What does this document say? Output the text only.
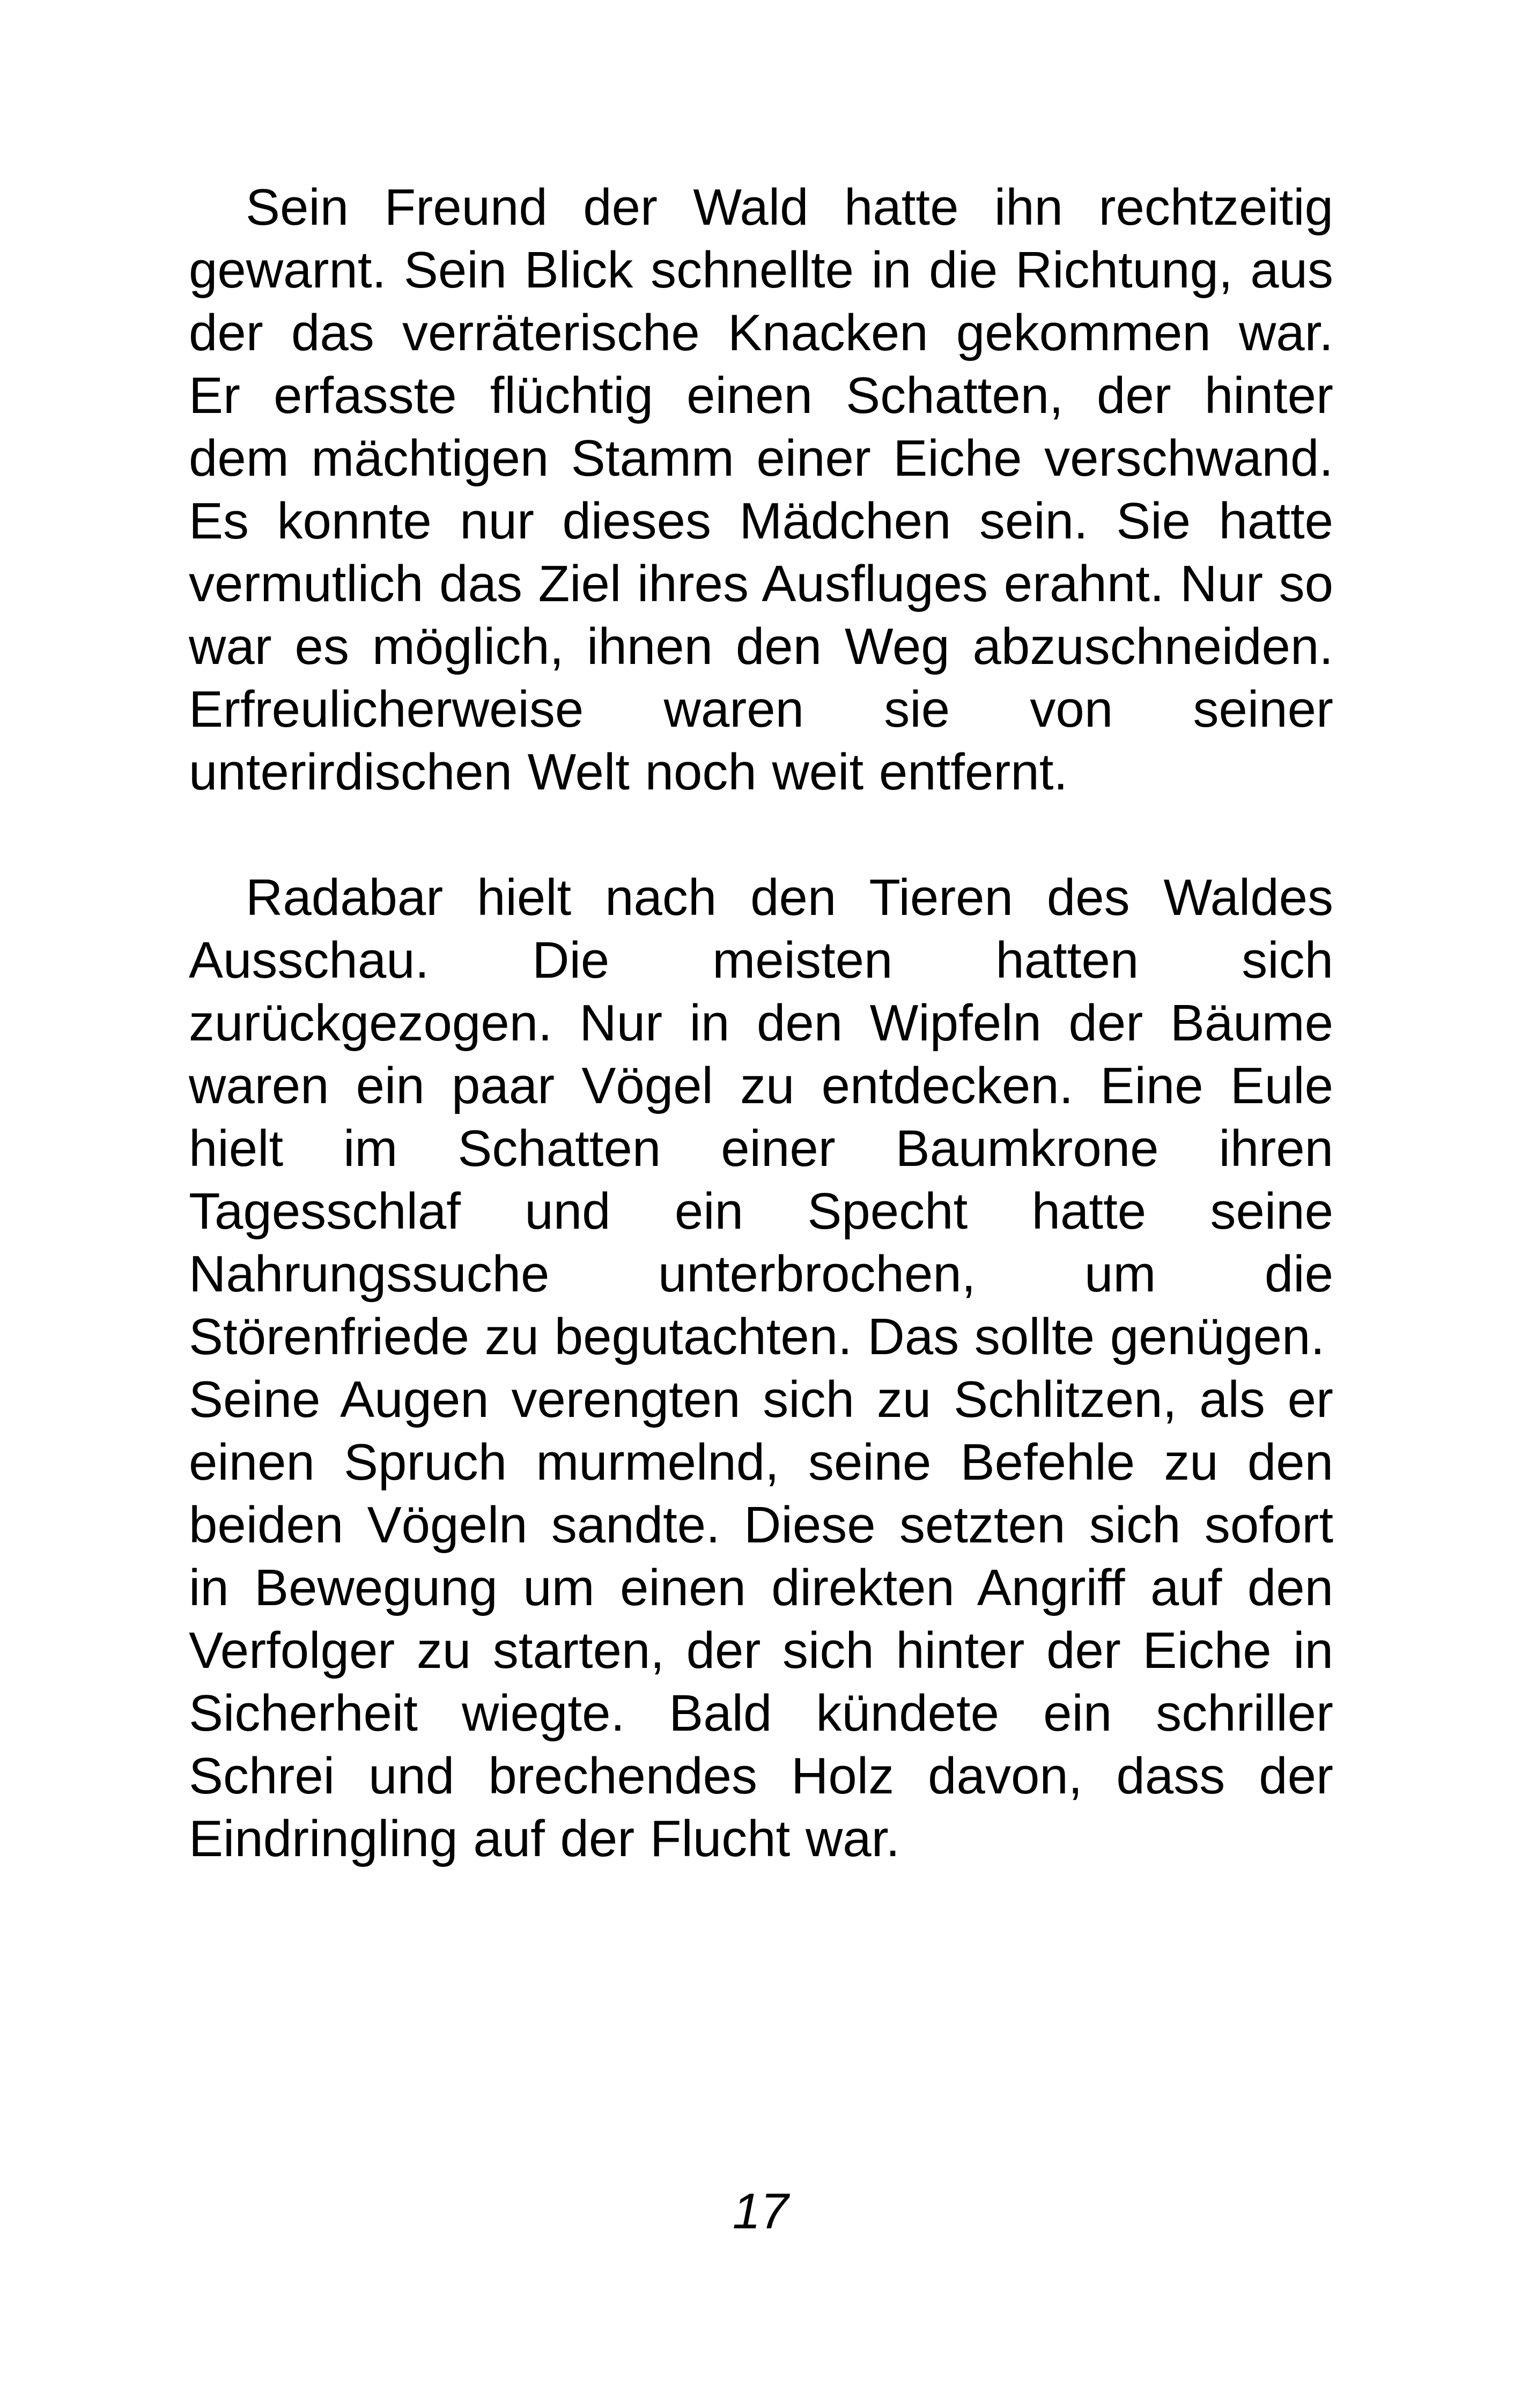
Sein Freund der Wald hatte ihn rechtzeitig gewarnt. Sein Blick schnellte in die Richtung, aus der das verräterische Knacken gekommen war. Er erfasste flüchtig einen Schatten, der hinter dem mächtigen Stamm einer Eiche verschwand. Es konnte nur dieses Mädchen sein. Sie hatte vermutlich das Ziel ihres Ausfluges erahnt. Nur so war es möglich, ihnen den Weg abzuschneiden. Erfreulicherweise waren sie von seiner unterirdischen Welt noch weit entfernt.

Radabar hielt nach den Tieren des Waldes Ausschau. Die meisten hatten sich zurückgezogen. Nur in den Wipfeln der Bäume waren ein paar Vögel zu entdecken. Eine Eule hielt im Schatten einer Baumkrone ihren Tagesschlaf und ein Specht hatte seine Nahrungssuche unterbrochen, um die Störenfriede zu begutachten. Das sollte genügen.

Seine Augen verengten sich zu Schlitzen, als er einen Spruch murmelnd, seine Befehle zu den beiden Vögeln sandte. Diese setzten sich sofort in Bewegung um einen direkten Angriff auf den Verfolger zu starten, der sich hinter der Eiche in Sicherheit wiegte. Bald kündete ein schriller Schrei und brechendes Holz davon, dass der Eindringling auf der Flucht war.

17
